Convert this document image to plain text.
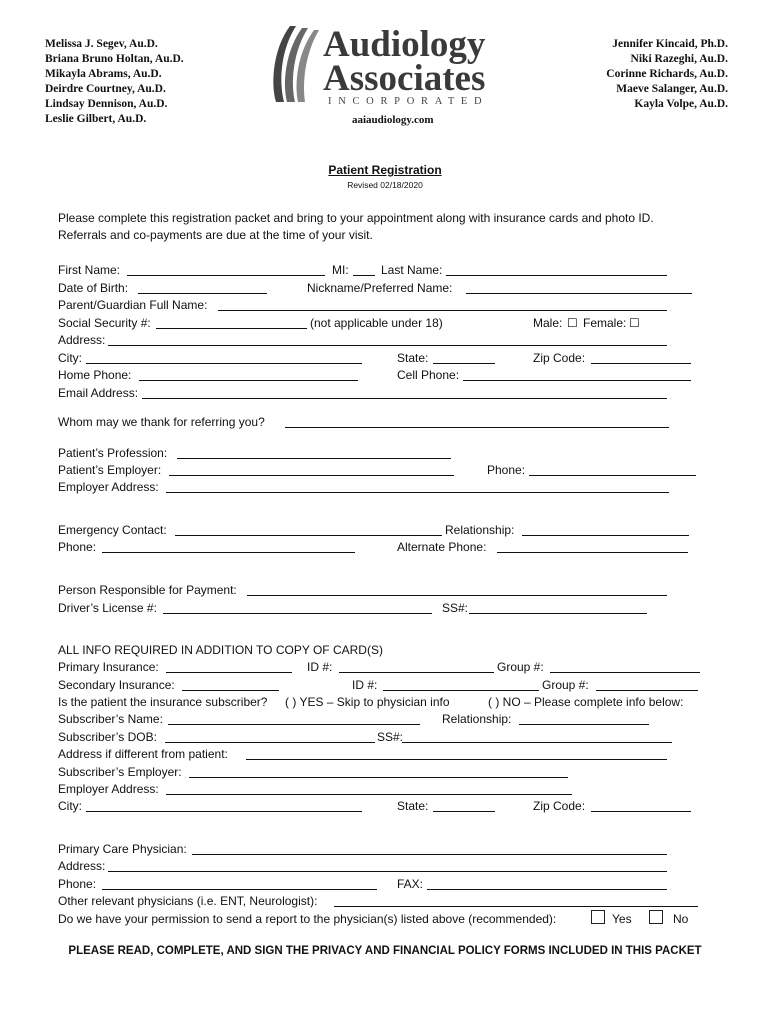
Melissa J. Segev, Au.D.
Briana Bruno Holtan, Au.D.
Mikayla Abrams, Au.D.
Deirdre Courtney, Au.D.
Lindsay Dennison, Au.D.
Leslie Gilbert, Au.D.
Audiology
Associates
INCORPORATED
aaiaudiology.com
Jennifer Kincaid, Ph.D.
Niki Razeghi, Au.D.
Corinne Richards, Au.D.
Maeve Salanger, Au.D.
Kayla Volpe, Au.D.
Patient Registration
Revised 02/18/2020
Please complete this registration packet and bring to your appointment along with insurance cards and photo ID.
Referrals and co-payments are due at the time of your visit.
First Name:	MI:	Last Name:
Date of Birth:	Nickname/Preferred Name:
Parent/Guardian Full Name:
Social Security #:	(not applicable under 18)	Male: ☐ Female: ☐
Address:
City:	State:	Zip Code:
Home Phone:	Cell Phone:
Email Address:
Whom may we thank for referring you?
Patient’s Profession:
Patient’s Employer:	Phone:
Employer Address:
Emergency Contact:	Relationship:
Phone:	Alternate Phone:
Person Responsible for Payment:
Driver’s License #:	SS#:
ALL INFO REQUIRED IN ADDITION TO COPY OF CARD(S)
Primary Insurance:	ID #:	Group #:
Secondary Insurance:	ID #:	Group #:
Is the patient the insurance subscriber? ( ) YES – Skip to physician info	( ) NO – Please complete info below:
Subscriber’s Name:	Relationship:
Subscriber’s DOB:	SS#:
Address if different from patient:
Subscriber’s Employer:
Employer Address:
City:	State:	Zip Code:
Primary Care Physician:
Address:
Phone:	FAX:
Other relevant physicians (i.e. ENT, Neurologist):
Do we have your permission to send a report to the physician(s) listed above (recommended):	Yes	No
PLEASE READ, COMPLETE, AND SIGN THE PRIVACY AND FINANCIAL POLICY FORMS INCLUDED IN THIS PACKET
